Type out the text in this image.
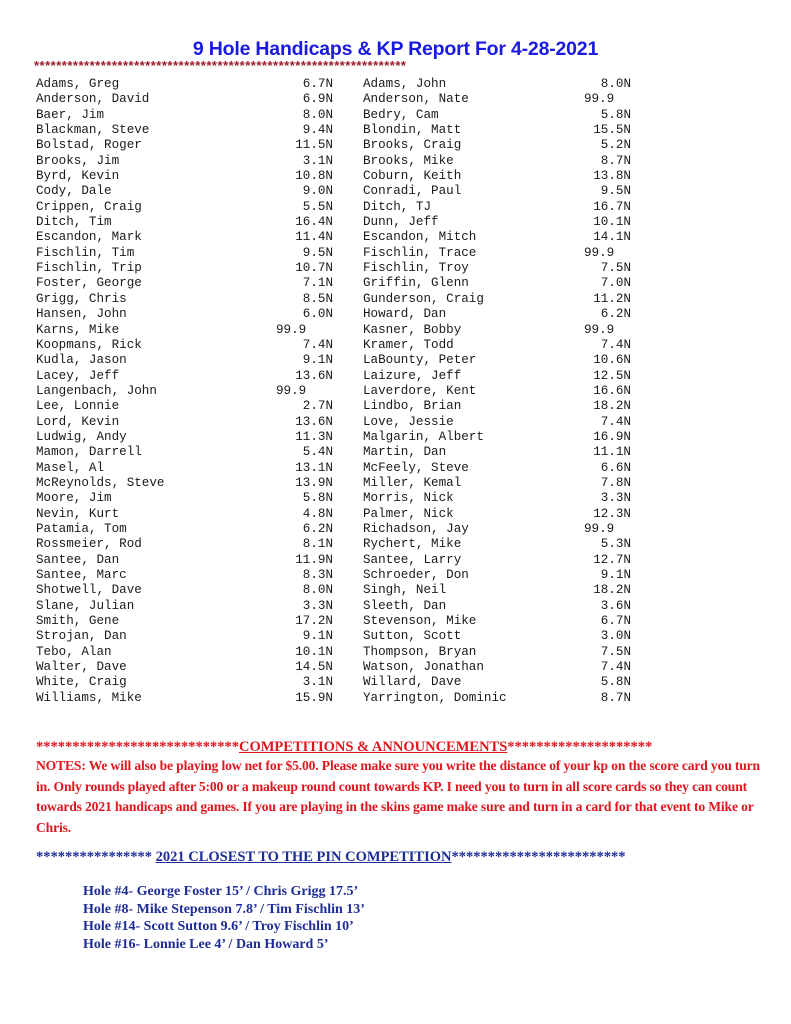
9 Hole Handicaps & KP Report For 4-28-2021
*******************************************************************
Adams, Greg	6.7N
Anderson, David	6.9N
Baer, Jim	8.0N
Blackman, Steve	9.4N
Bolstad, Roger	11.5N
Brooks, Jim	3.1N
Byrd, Kevin	10.8N
Cody, Dale	9.0N
Crippen, Craig	5.5N
Ditch, Tim	16.4N
Escandon, Mark	11.4N
Fischlin, Tim	9.5N
Fischlin, Trip	10.7N
Foster, George	7.1N
Grigg, Chris	8.5N
Hansen, John	6.0N
Karns, Mike	99.9
Koopmans, Rick	7.4N
Kudla, Jason	9.1N
Lacey, Jeff	13.6N
Langenbach, John	99.9
Lee, Lonnie	2.7N
Lord, Kevin	13.6N
Ludwig, Andy	11.3N
Mamon, Darrell	5.4N
Masel, Al	13.1N
McReynolds, Steve	13.9N
Moore, Jim	5.8N
Nevin, Kurt	4.8N
Patamia, Tom	6.2N
Rossmeier, Rod	8.1N
Santee, Dan	11.9N
Santee, Marc	8.3N
Shotwell, Dave	8.0N
Slane, Julian	3.3N
Smith, Gene	17.2N
Strojan, Dan	9.1N
Tebo, Alan	10.1N
Walter, Dave	14.5N
White, Craig	3.1N
Williams, Mike	15.9N
Adams, John	8.0N
Anderson, Nate	99.9
Bedry, Cam	5.8N
Blondin, Matt	15.5N
Brooks, Craig	5.2N
Brooks, Mike	8.7N
Coburn, Keith	13.8N
Conradi, Paul	9.5N
Ditch, TJ	16.7N
Dunn, Jeff	10.1N
Escandon, Mitch	14.1N
Fischlin, Trace	99.9
Fischlin, Troy	7.5N
Griffin, Glenn	7.0N
Gunderson, Craig	11.2N
Howard, Dan	6.2N
Kasner, Bobby	99.9
Kramer, Todd	7.4N
LaBounty, Peter	10.6N
Laizure, Jeff	12.5N
Laverdore, Kent	16.6N
Lindbo, Brian	18.2N
Love, Jessie	7.4N
Malgarin, Albert	16.9N
Martin, Dan	11.1N
McFeely, Steve	6.6N
Miller, Kemal	7.8N
Morris, Nick	3.3N
Palmer, Nick	12.3N
Richadson, Jay	99.9
Rychert, Mike	5.3N
Santee, Larry	12.7N
Schroeder, Don	9.1N
Singh, Neil	18.2N
Sleeth, Dan	3.6N
Stevenson, Mike	6.7N
Sutton, Scott	3.0N
Thompson, Bryan	7.5N
Watson, Jonathan	7.4N
Willard, Dave	5.8N
Yarrington, Dominic	8.7N
****************************COMPETITIONS & ANNOUNCEMENTS********************
NOTES: We will also be playing low net for $5.00. Please make sure you write the distance of your kp on the score card you turn in. Only rounds played after 5:00 or a makeup round count towards KP. I need you to turn in all score cards so they can count towards 2021 handicaps and games. If you are playing in the skins game make sure and turn in a card for that event to Mike or Chris.
**************** 2021 CLOSEST TO THE PIN COMPETITION************************
Hole #4- George Foster 15’ / Chris Grigg 17.5’
Hole #8- Mike Stepenson 7.8’ / Tim Fischlin 13’
Hole #14- Scott Sutton 9.6’ / Troy Fischlin 10’
Hole #16- Lonnie Lee 4’ / Dan Howard 5’
